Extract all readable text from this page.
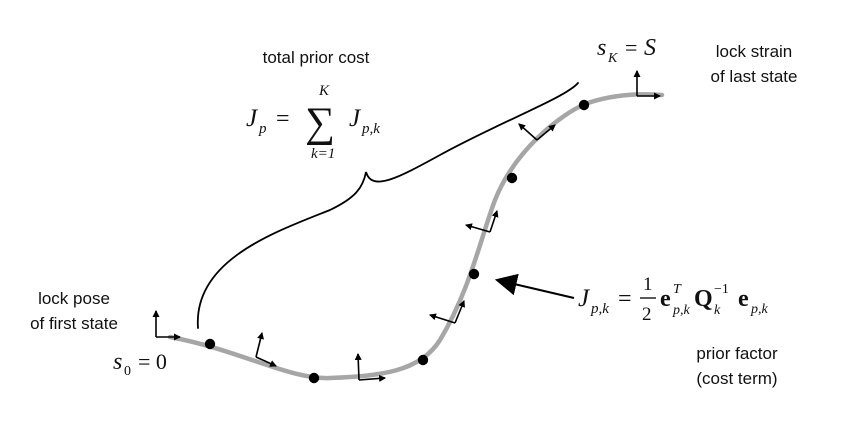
total prior cost
lock pose
of first state
lock strain
of last state
prior factor
(cost term)
s 0 = 0
s K = S
J p = ∑
K
k=1
J p,k
J p,k =
1
2
e T
p,k Q −1
k e p,k
